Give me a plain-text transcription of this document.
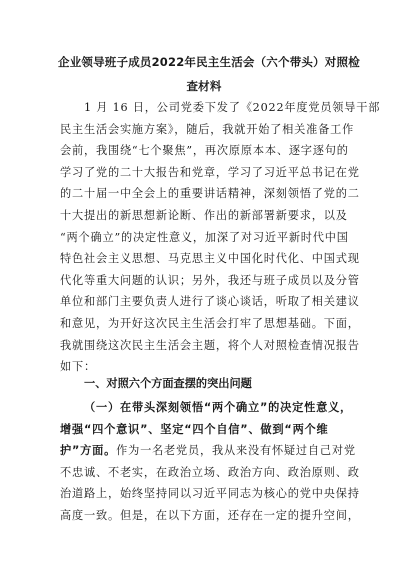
企业领导班子成员2022年民主生活会（六个带头）对照检
查材料
1 月 16 日，公司党委下发了《2022年度党员领导干部
民主生活会实施方案》，随后，我就开始了相关准备工作
会前，我围绕“七个聚焦”，再次原原本本、逐字逐句的
学习了党的二十大报告和党章，学习了习近平总书记在党
的二十届一中全会上的重要讲话精神，深刻领悟了党的二
十大提出的新思想新论断、作出的新部署新要求，以及
“两个确立”的决定性意义，加深了对习近平新时代中国
特色社会主义思想、马克思主义中国化时代化、中国式现
代化等重大问题的认识；另外，我还与班子成员以及分管
单位和部门主要负责人进行了谈心谈话，听取了相关建议
和意见，为开好这次民主生活会打牢了思想基础。下面，
我就围绕这次民主生活会主题，将个人对照检查情况报告
如下：
一、对照六个方面查摆的突出问题
（一）在带头深刻领悟“两个确立”的决定性意义，
增强“四个意识”、坚定“四个自信”、做到“两个维
护”方面。作为一名老党员，我从来没有怀疑过自己对党
不忠诚、不老实，在政治立场、政治方向、政治原则、政
治道路上，始终坚持同以习近平同志为核心的党中央保持
高度一致。但是，在以下方面，还存在一定的提升空间，
